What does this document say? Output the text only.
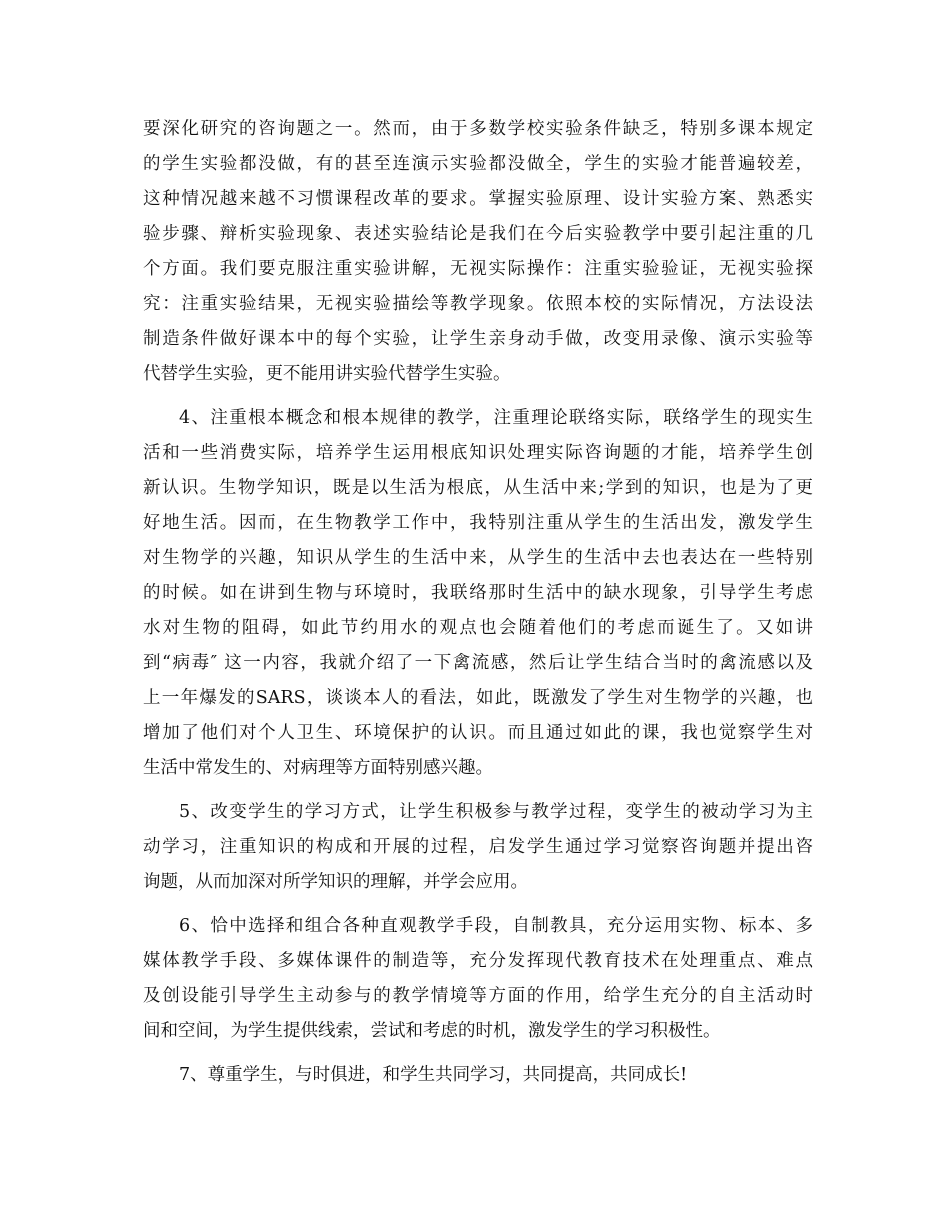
要深化研究的咨询题之一。然而，由于多数学校实验条件缺乏，特别多课本规定
的学生实验都没做，有的甚至连演示实验都没做全，学生的实验才能普遍较差，
这种情况越来越不习惯课程改革的要求。掌握实验原理、设计实验方案、熟悉实
验步骤、辩析实验现象、表述实验结论是我们在今后实验教学中要引起注重的几
个方面。我们要克服注重实验讲解，无视实际操作：注重实验验证，无视实验探
究：注重实验结果，无视实验描绘等教学现象。依照本校的实际情况，方法设法
制造条件做好课本中的每个实验，让学生亲身动手做，改变用录像、演示实验等
代替学生实验，更不能用讲实验代替学生实验。
4、注重根本概念和根本规律的教学，注重理论联络实际，联络学生的现实生
活和一些消费实际，培养学生运用根底知识处理实际咨询题的才能，培养学生创
新认识。生物学知识，既是以生活为根底，从生活中来;学到的知识，也是为了更
好地生活。因而，在生物教学工作中，我特别注重从学生的生活出发，激发学生
对生物学的兴趣，知识从学生的生活中来，从学生的生活中去也表达在一些特别
的时候。如在讲到生物与环境时，我联络那时生活中的缺水现象，引导学生考虑
水对生物的阻碍，如此节约用水的观点也会随着他们的考虑而诞生了。又如讲
到“病毒″ 这一内容，我就介绍了一下禽流感，然后让学生结合当时的禽流感以及
上一年爆发的SARS，谈谈本人的看法，如此，既激发了学生对生物学的兴趣，也
增加了他们对个人卫生、环境保护的认识。而且通过如此的课，我也觉察学生对
生活中常发生的、对病理等方面特别感兴趣。
5、改变学生的学习方式，让学生积极参与教学过程，变学生的被动学习为主
动学习，注重知识的构成和开展的过程，启发学生通过学习觉察咨询题并提出咨
询题，从而加深对所学知识的理解，并学会应用。
6、恰中选择和组合各种直观教学手段，自制教具，充分运用实物、标本、多
媒体教学手段、多媒体课件的制造等，充分发挥现代教育技术在处理重点、难点
及创设能引导学生主动参与的教学情境等方面的作用，给学生充分的自主活动时
间和空间，为学生提供线索，尝试和考虑的时机，激发学生的学习积极性。
7、尊重学生，与时俱进，和学生共同学习，共同提高，共同成长!
